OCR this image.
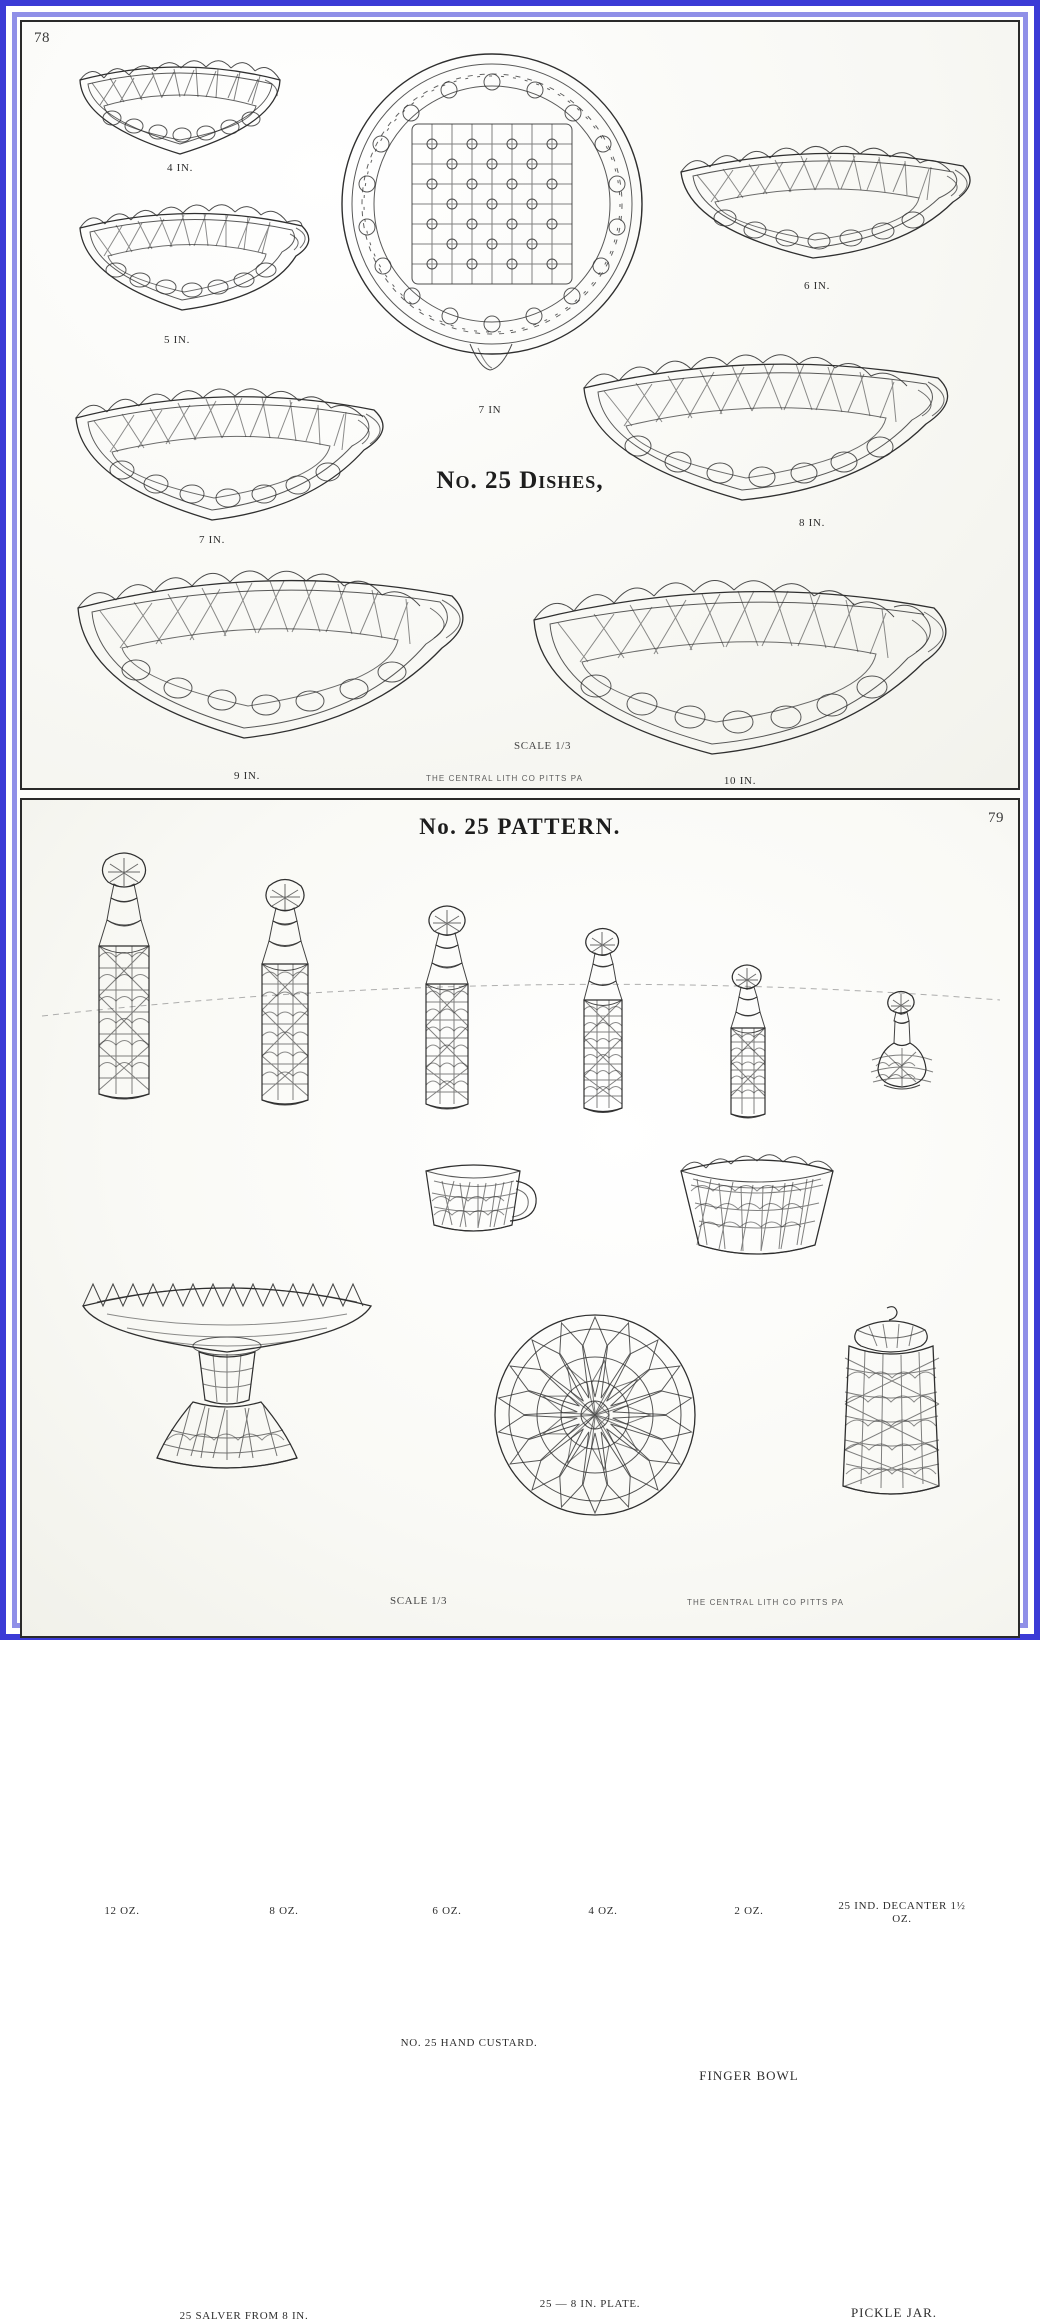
78
4 IN.
5 IN.
7 IN
6 IN.
No. 25 Dishes,
7 IN.
8 IN.
9 IN.	10 IN.
SCALE 1/3
THE CENTRAL LITH CO PITTS PA
79
No. 25 PATTERN.
12 OZ.	8 OZ.	6 OZ.	4 OZ.	2 OZ.	25 IND. DECANTER 1½ OZ.
NO. 25 HAND CUSTARD.
FINGER BOWL
25 SALVER FROM 8 IN.
25 — 8 IN. PLATE.
PICKLE JAR.
SCALE 1/3	THE CENTRAL LITH CO PITTS PA
